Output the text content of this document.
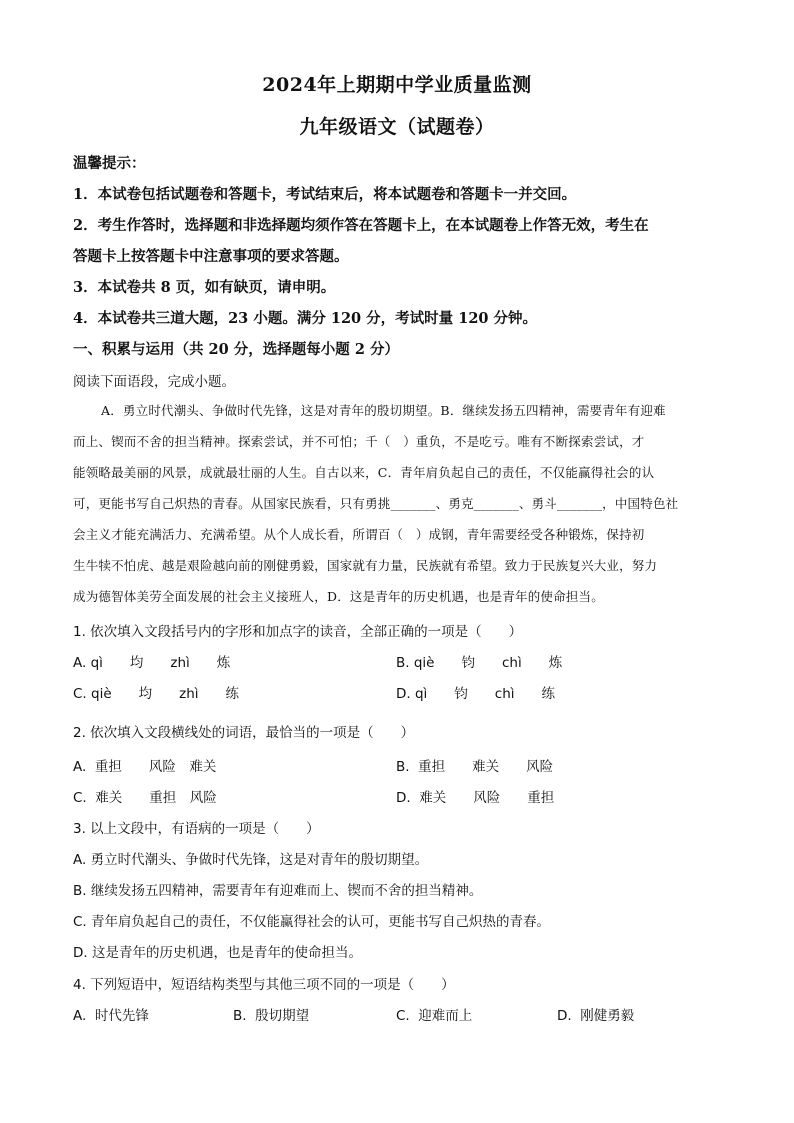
2024年上期期中学业质量监测
九年级语文（试题卷）
温馨提示：
1．本试卷包括试题卷和答题卡，考试结束后，将本试题卷和答题卡一并交回。
2．考生作答时，选择题和非选择题均须作答在答题卡上，在本试题卷上作答无效，考生在
答题卡上按答题卡中注意事项的要求答题。
3．本试卷共 8 页，如有缺页，请申明。
4．本试卷共三道大题，23 小题。满分 120 分，考试时量 120 分钟。
一、积累与运用（共 20 分，选择题每小题 2 分）
阅读下面语段，完成小题。
A．勇立时代潮头、争做时代先锋，这是对青年的殷切期望。B．继续发扬五四精神，需要青年有迎难
而上、锲而不舍的担当精神。探索尝试，并不可怕；千（　）重负，不是吃亏。唯有不断探索尝试，才
能领略最美丽的风景，成就最壮丽的人生。自古以来，C．青年肩负起自己的责任，不仅能赢得社会的认
可，更能书写自己炽热的青春。从国家民族看，只有勇挑_______、勇克_______、勇斗_______，中国特色社
会主义才能充满活力、充满希望。从个人成长看，所谓百（　）成钢，青年需要经受各种锻炼，保持初
生牛犊不怕虎、越是艰险越向前的刚健勇毅，国家就有力量，民族就有希望。致力于民族复兴大业，努力
成为德智体美劳全面发展的社会主义接班人，D．这是青年的历史机遇，也是青年的使命担当。
1. 依次填入文段括号内的字形和加点字的读音，全部正确的一项是（　　）
A. qì　　均　　zhì　　炼	B. qiè　　钧　　chì　　炼
C. qiè　　均　　zhì　　练	D. qì　　钧　　chì　　练
2. 依次填入文段横线处的词语，最恰当的一项是（　　）
A.  重担　　风险　难关	B.  重担　　难关　　风险
C.  难关　　重担　风险	D.  难关　　风险　　重担
3. 以上文段中，有语病的一项是（　　）
A. 勇立时代潮头、争做时代先锋，这是对青年的殷切期望。
B. 继续发扬五四精神，需要青年有迎难而上、锲而不舍的担当精神。
C. 青年肩负起自己的责任，不仅能赢得社会的认可，更能书写自己炽热的青春。
D. 这是青年的历史机遇，也是青年的使命担当。
4. 下列短语中，短语结构类型与其他三项不同的一项是（　　）
A.  时代先锋	B.  殷切期望	C.  迎难而上	D.  刚健勇毅
